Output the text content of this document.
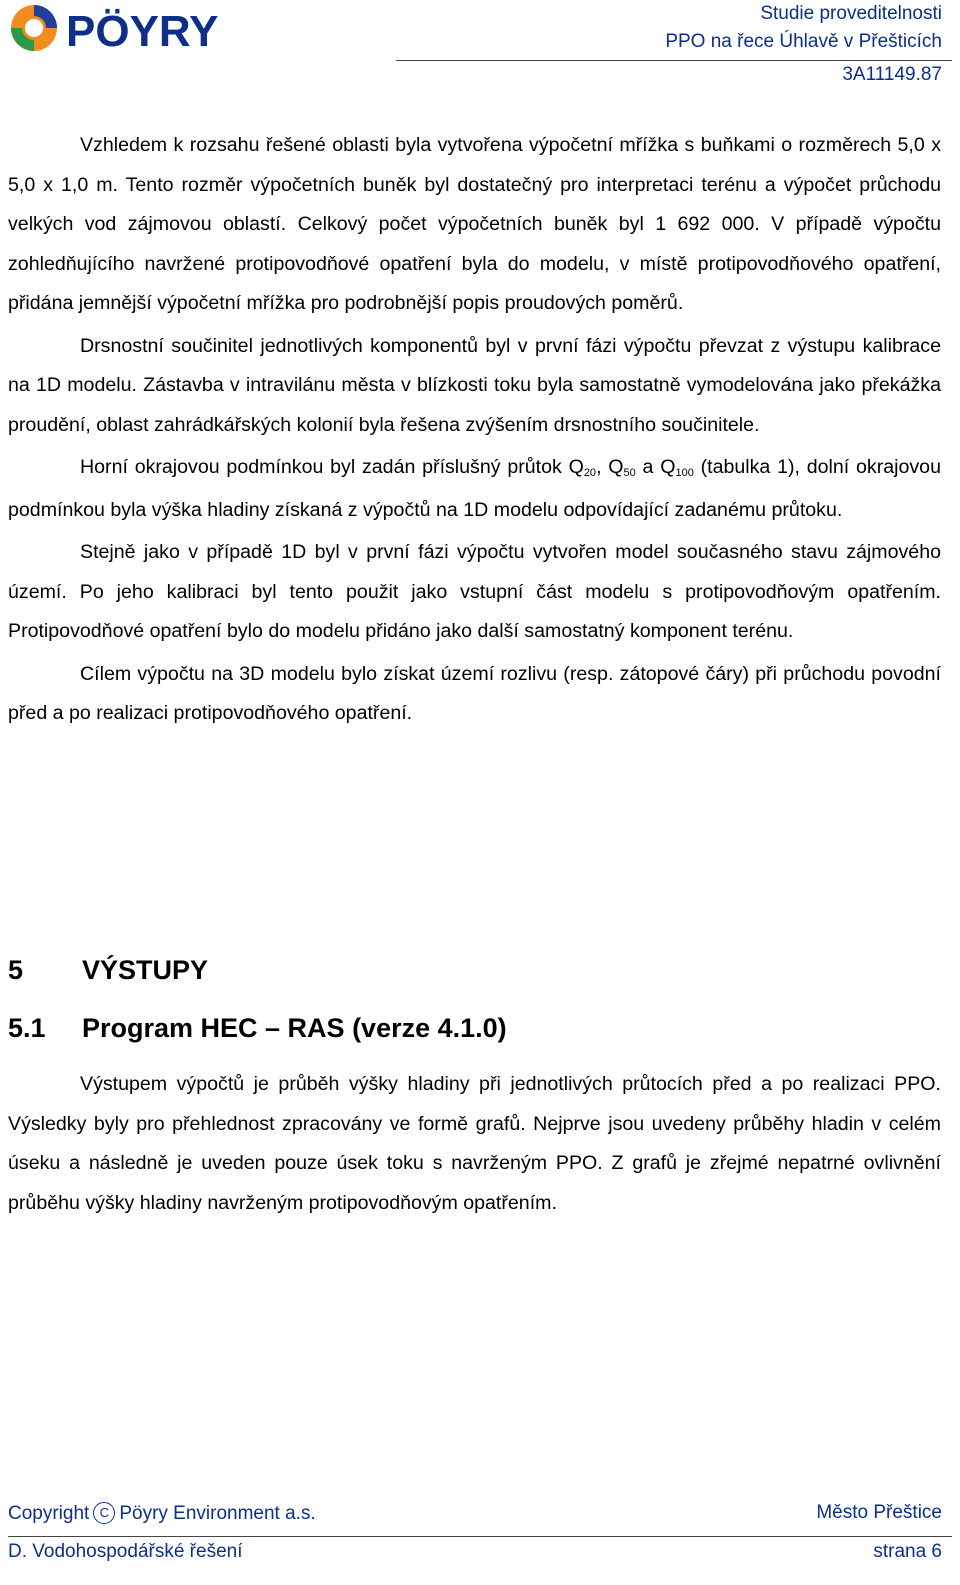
PÖYRY	Studie proveditelnosti
PPO na řece Úhlavě v Přešticích
3A11149.87

Vzhledem k rozsahu řešené oblasti byla vytvořena výpočetní mřížka s buňkami o rozměrech 5,0 x 5,0 x 1,0 m. Tento rozměr výpočetních buněk byl dostatečný pro interpretaci terénu a výpočet průchodu velkých vod zájmovou oblastí. Celkový počet výpočetních buněk byl 1 692 000. V případě výpočtu zohledňujícího navržené protipovodňové opatření byla do modelu, v místě protipovodňového opatření, přidána jemnější výpočetní mřížka pro podrobnější popis proudových poměrů.

Drsnostní součinitel jednotlivých komponentů byl v první fázi výpočtu převzat z výstupu kalibrace na 1D modelu. Zástavba v intravilánu města v blízkosti toku byla samostatně vymodelována jako překážka proudění, oblast zahrádkářských kolonií byla řešena zvýšením drsnostního součinitele.

Horní okrajovou podmínkou byl zadán příslušný průtok $Q_{20}$, $Q_{50}$ a $Q_{100}$ (tabulka 1), dolní okrajovou podmínkou byla výška hladiny získaná z výpočtů na 1D modelu odpovídající zadanému průtoku.

Stejně jako v případě 1D byl v první fázi výpočtu vytvořen model současného stavu zájmového území. Po jeho kalibraci byl tento použit jako vstupní část modelu s protipovodňovým opatřením. Protipovodňové opatření bylo do modelu přidáno jako další samostatný komponent terénu.

Cílem výpočtu na 3D modelu bylo získat území rozlivu (resp. zátopové čáry) při průchodu povodní před a po realizaci protipovodňového opatření.

5 VÝSTUPY
5.1 Program HEC – RAS (verze 4.1.0)

Výstupem výpočtů je průběh výšky hladiny při jednotlivých průtocích před a po realizaci PPO. Výsledky byly pro přehlednost zpracovány ve formě grafů. Nejprve jsou uvedeny průběhy hladin v celém úseku a následně je uveden pouze úsek toku s navrženým PPO. Z grafů je zřejmé nepatrné ovlivnění průběhu výšky hladiny navrženým protipovodňovým opatřením.

Copyright C Pöyry Environment a.s.	Město Přeštice
D. Vodohospodářské řešení	strana 6
